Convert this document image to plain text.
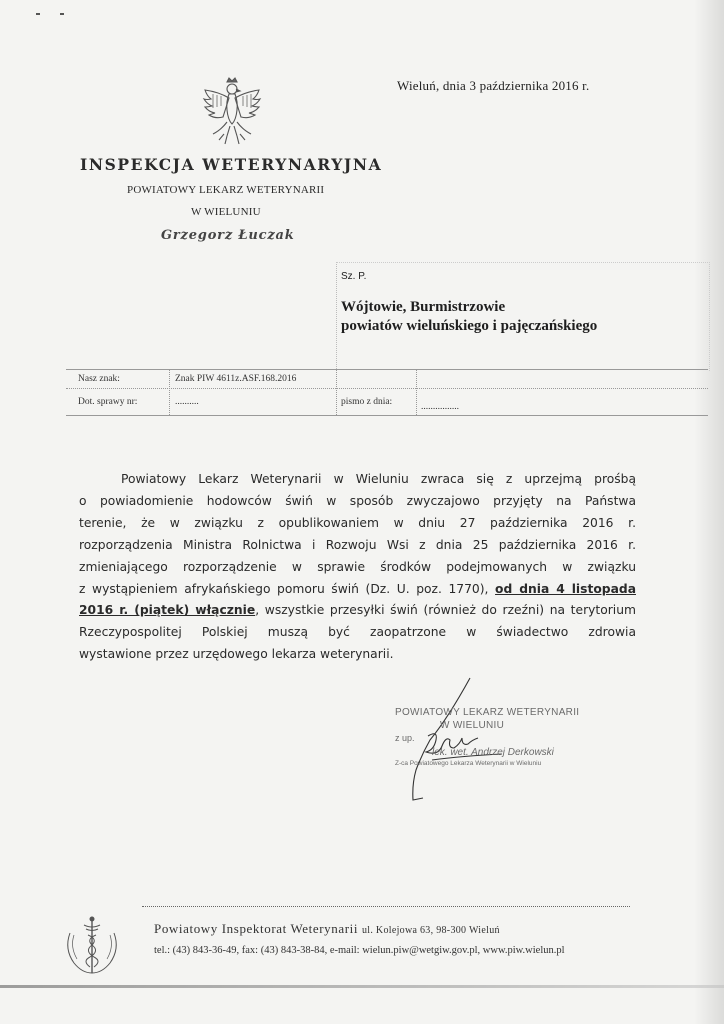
Wieluń, dnia 3 października 2016 r.
INSPEKCJA WETERYNARYJNA
POWIATOWY LEKARZ WETERYNARII
W WIELUNIU
Grzegorz Łuczak
Sz. P.
Wójtowie, Burmistrzowie
powiatów wieluńskiego i pajęczańskiego
Nasz znak:	Znak PIW 4611z.ASF.168.2016
Dot. sprawy nr:	..........	pismo z dnia:	................
Powiatowy Lekarz Weterynarii w Wieluniu zwraca się z uprzejmą prośbą
o powiadomienie hodowców świń w sposób zwyczajowo przyjęty na Państwa
terenie, że w związku z opublikowaniem w dniu 27 października 2016 r.
rozporządzenia Ministra Rolnictwa i Rozwoju Wsi z dnia 25 października 2016 r.
zmieniającego rozporządzenie w sprawie środków podejmowanych w związku
z wystąpieniem afrykańskiego pomoru świń (Dz. U. poz. 1770), od dnia 4 listopada
2016 r. (piątek) włącznie, wszystkie przesyłki świń (również do rzeźni) na terytorium
Rzeczypospolitej Polskiej muszą być zaopatrzone w świadectwo zdrowia
wystawione przez urzędowego lekarza weterynarii.
POWIATOWY LEKARZ WETERYNARII
W WIELUNIU
z up.
lek. wet. Andrzej Derkowski
Z-ca Powiatowego Lekarza Weterynarii w Wieluniu
Powiatowy Inspektorat Weterynarii ul. Kolejowa 63, 98-300 Wieluń
tel.: (43) 843-36-49, fax: (43) 843-38-84, e-mail: wielun.piw@wetgiw.gov.pl, www.piw.wielun.pl
